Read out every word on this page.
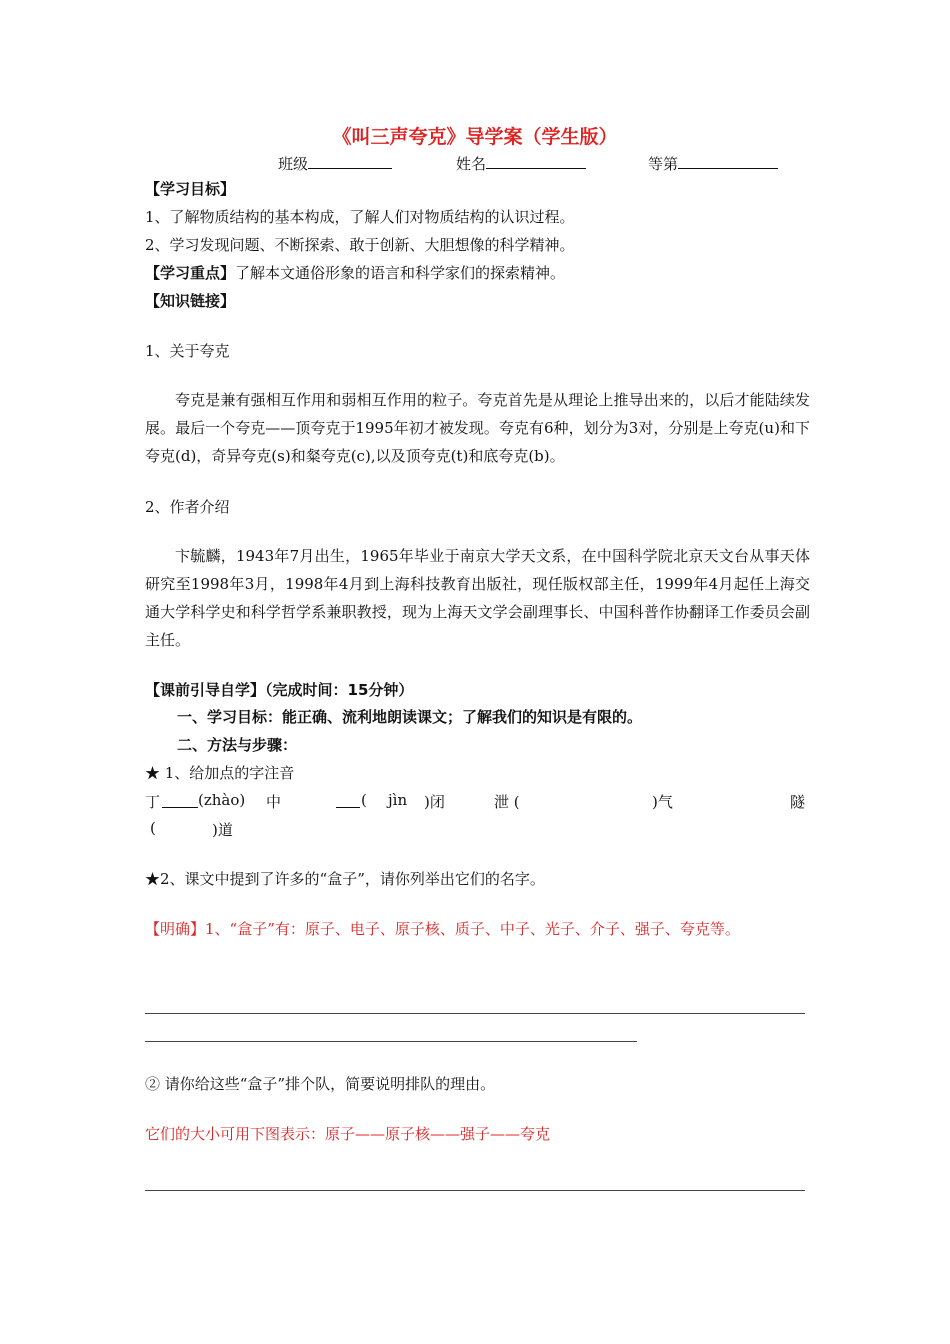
《叫三声夸克》导学案（学生版）
班级	姓名	等第
【学习目标】
1、了解物质结构的基本构成，了解人们对物质结构的认识过程。
2、学习发现问题、不断探索、敢于创新、大胆想像的科学精神。
【学习重点】了解本文通俗形象的语言和科学家们的探索精神。
【知识链接】
1、关于夸克
夸克是兼有强相互作用和弱相互作用的粒子。夸克首先是从理论上推导出来的，以后才能陆续发展。最后一个夸克——顶夸克于1995年初才被发现。夸克有6种，划分为3对，分别是上夸克(u)和下夸克(d)，奇异夸克(s)和粲夸克(c),以及顶夸克(t)和底夸克(b)。
2、作者介绍
卞毓麟，1943年7月出生，1965年毕业于南京大学天文系，在中国科学院北京天文台从事天体研究至1998年3月，1998年4月到上海科技教育出版社，现任版权部主任，1999年4月起任上海交通大学科学史和科学哲学系兼职教授，现为上海天文学会副理事长、中国科普作协翻译工作委员会副主任。
【课前引导自学】（完成时间：15分钟）
一、学习目标：能正确、流利地朗读课文；了解我们的知识是有限的。
二、方法与步骤：
★ 1、给加点的字注音
丁	(zhào) 中	( jìn )闭	泄 (	)气	隧
(	)道
★2、课文中提到了许多的“盒子”，请你列举出它们的名字。
【明确】1、“盒子”有：原子、电子、原子核、质子、中子、光子、介子、强子、夸克等。
② 请你给这些“盒子”排个队，简要说明排队的理由。
它们的大小可用下图表示：原子——原子核——强子——夸克
